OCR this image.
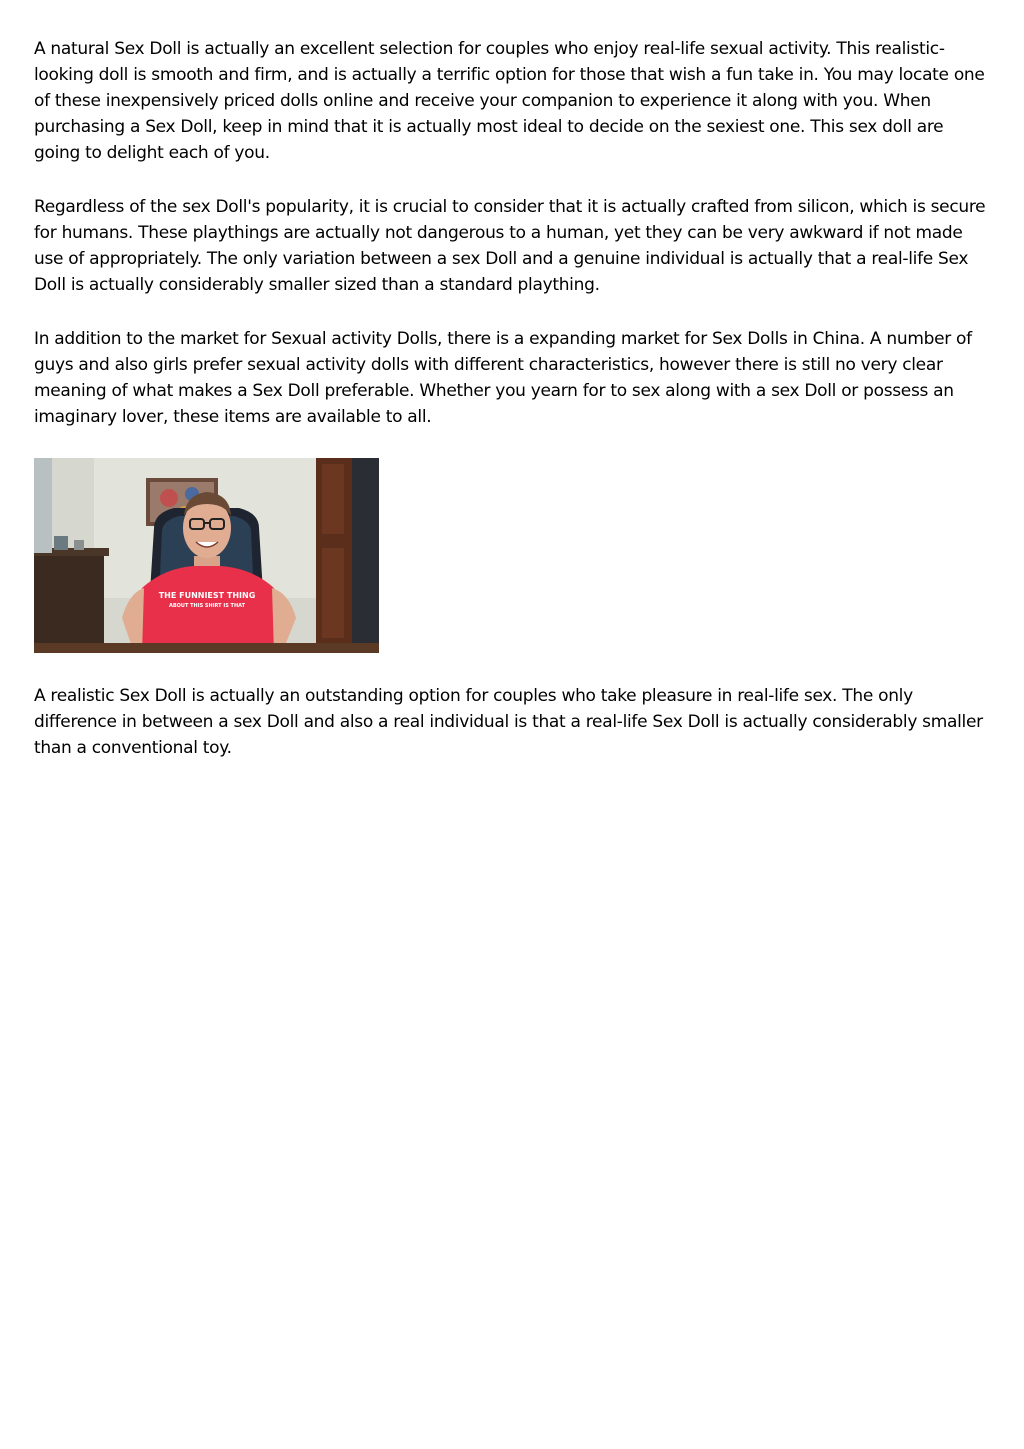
A natural Sex Doll is actually an excellent selection for couples who enjoy real-life sexual activity. This realistic-looking doll is smooth and firm, and is actually a terrific option for those that wish a fun take in. You may locate one of these inexpensively priced dolls online and receive your companion to experience it along with you. When purchasing a Sex Doll, keep in mind that it is actually most ideal to decide on the sexiest one. This sex doll are going to delight each of you.

Regardless of the sex Doll's popularity, it is crucial to consider that it is actually crafted from silicon, which is secure for humans. These playthings are actually not dangerous to a human, yet they can be very awkward if not made use of appropriately. The only variation between a sex Doll and a genuine individual is actually that a real-life Sex Doll is actually considerably smaller sized than a standard plaything.

In addition to the market for Sexual activity Dolls, there is a expanding market for Sex Dolls in China. A number of guys and also girls prefer sexual activity dolls with different characteristics, however there is still no very clear meaning of what makes a Sex Doll preferable. Whether you yearn for to sex along with a sex Doll or possess an imaginary lover, these items are available to all.

THE FUNNIEST THING
ABOUT THIS SHIRT IS THAT

A realistic Sex Doll is actually an outstanding option for couples who take pleasure in real-life sex. The only difference in between a sex Doll and also a real individual is that a real-life Sex Doll is actually considerably smaller than a conventional toy.
